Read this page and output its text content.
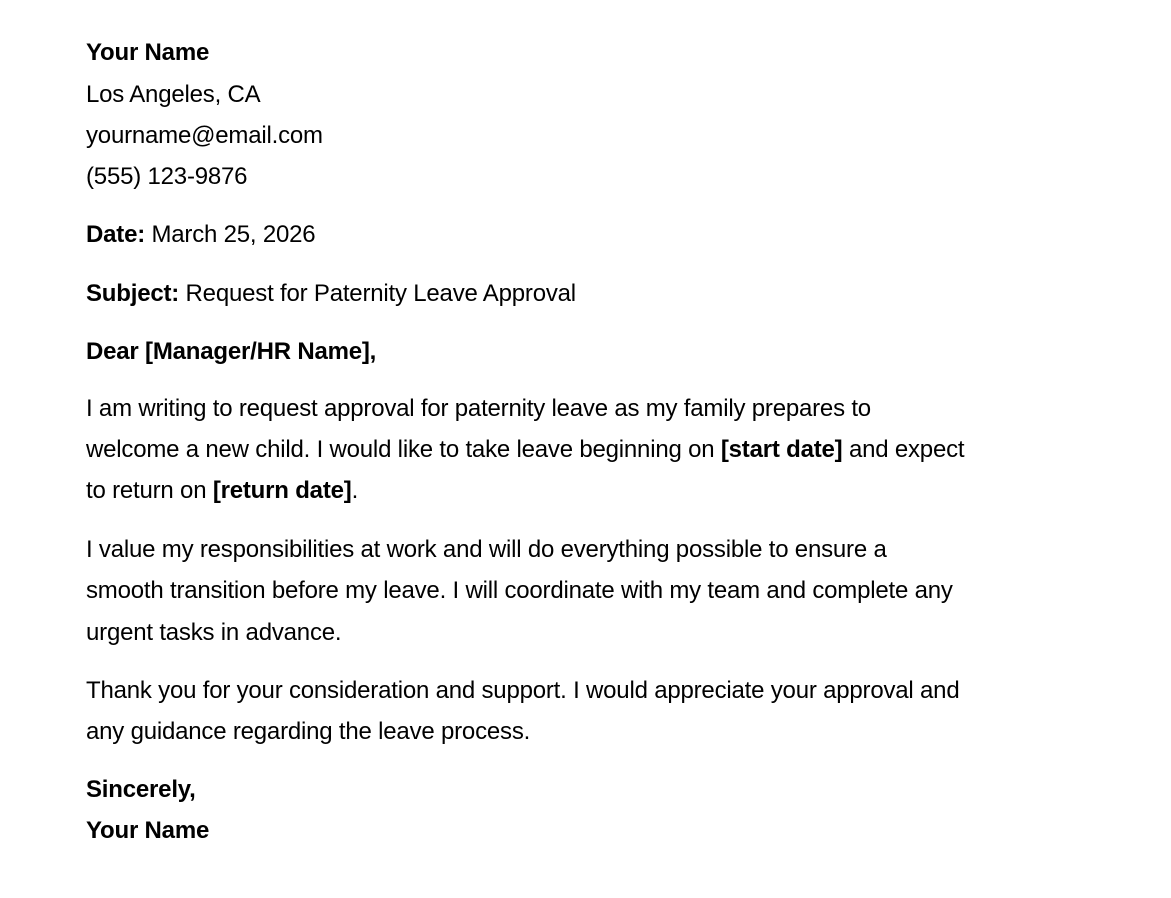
Your Name
Los Angeles, CA
yourname@email.com
(555) 123-9876
Date: March 25, 2026
Subject: Request for Paternity Leave Approval
Dear [Manager/HR Name],
I am writing to request approval for paternity leave as my family prepares to
welcome a new child. I would like to take leave beginning on [start date] and expect
to return on [return date].
I value my responsibilities at work and will do everything possible to ensure a
smooth transition before my leave. I will coordinate with my team and complete any
urgent tasks in advance.
Thank you for your consideration and support. I would appreciate your approval and
any guidance regarding the leave process.
Sincerely,
Your Name
